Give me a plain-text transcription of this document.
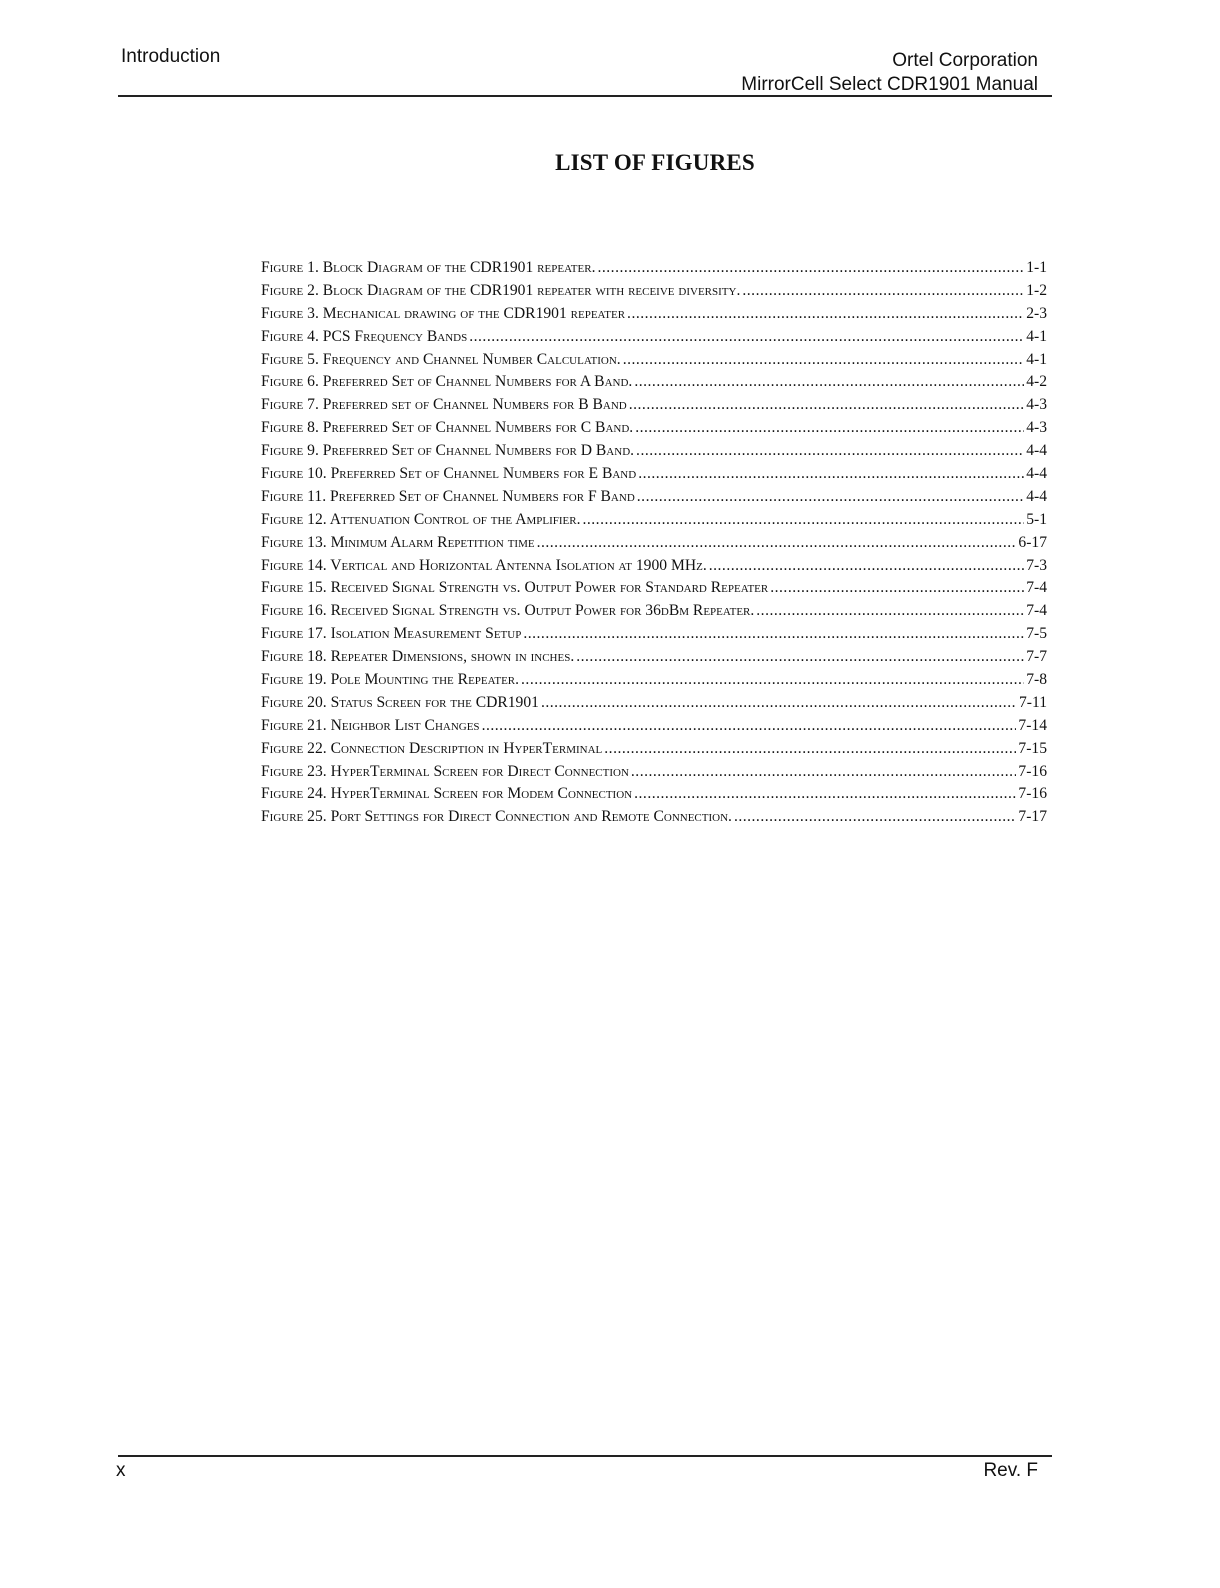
Introduction	Ortel Corporation
MirrorCell Select CDR1901 Manual
LIST OF FIGURES
Figure 1. Block Diagram of the CDR1901 repeater. .....	1-1
Figure 2. Block Diagram of the CDR1901 repeater with receive diversity. .....	1-2
Figure 3. Mechanical drawing of the CDR1901 repeater .....	2-3
Figure 4. PCS Frequency Bands .....	4-1
Figure 5. Frequency and Channel Number Calculation. .....	4-1
Figure 6. Preferred Set of Channel Numbers for A Band. .....	4-2
Figure 7. Preferred set of Channel Numbers for B Band .....	4-3
Figure 8. Preferred Set of Channel Numbers for C Band. .....	4-3
Figure 9. Preferred Set of Channel Numbers for D Band. .....	4-4
Figure 10. Preferred Set of Channel Numbers for E Band .....	4-4
Figure 11. Preferred Set of Channel Numbers for F Band .....	4-4
Figure 12. Attenuation Control of the Amplifier. .....	5-1
Figure 13. Minimum Alarm Repetition time .....	6-17
Figure 14. Vertical and Horizontal Antenna Isolation at 1900 MHz. .....	7-3
Figure 15. Received Signal Strength vs. Output Power for Standard Repeater .....	7-4
Figure 16. Received Signal Strength vs. Output Power for 36dBm Repeater. .....	7-4
Figure 17. Isolation Measurement Setup .....	7-5
Figure 18. Repeater Dimensions, shown in inches. .....	7-7
Figure 19. Pole Mounting the Repeater. .....	7-8
Figure 20. Status Screen for the CDR1901 .....	7-11
Figure 21. Neighbor List Changes .....	7-14
Figure 22. Connection Description in HyperTerminal .....	7-15
Figure 23. HyperTerminal Screen for Direct Connection .....	7-16
Figure 24. HyperTerminal Screen for Modem Connection .....	7-16
Figure 25. Port Settings for Direct Connection and Remote Connection. .....	7-17
x	Rev. F
